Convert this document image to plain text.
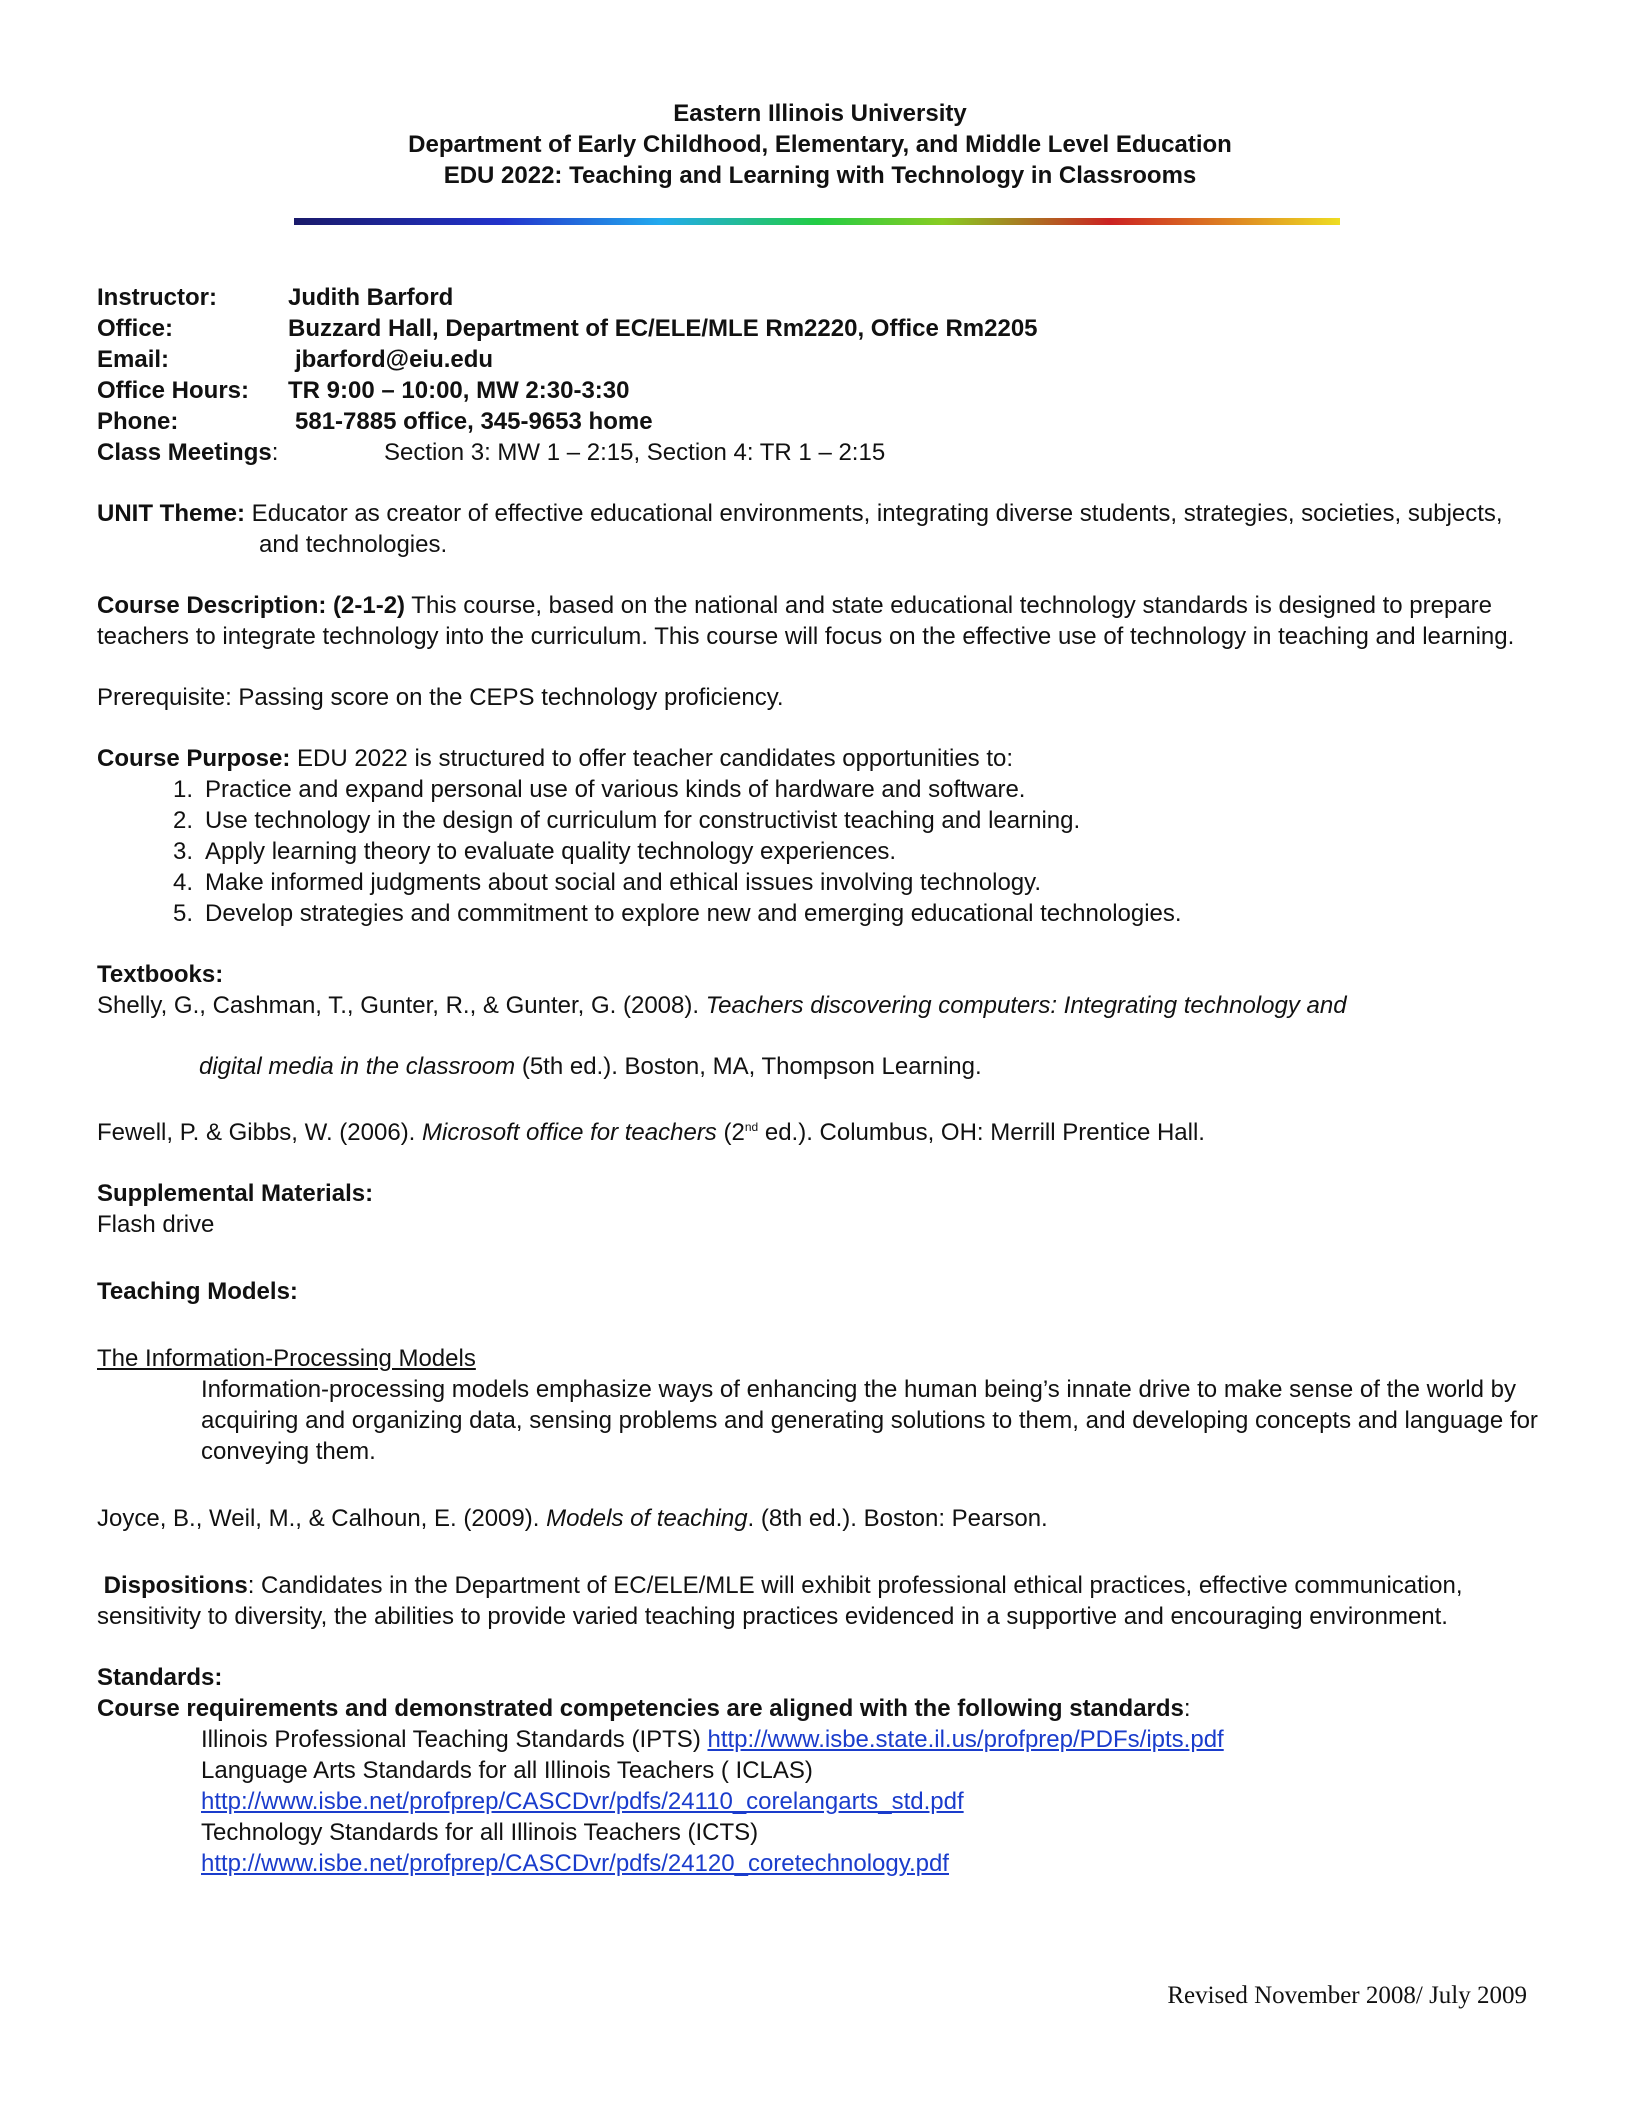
Eastern Illinois University
Department of Early Childhood, Elementary, and Middle Level Education
EDU 2022: Teaching and Learning with Technology in Classrooms
Instructor:	Judith Barford
Office:	Buzzard Hall, Department of EC/ELE/MLE Rm2220, Office Rm2205
Email:	jbarford@eiu.edu
Office Hours:	TR 9:00 – 10:00, MW 2:30-3:30
Phone:	581-7885 office, 345-9653 home
Class Meetings:	Section 3: MW 1 – 2:15, Section 4: TR 1 – 2:15

UNIT Theme: Educator as creator of effective educational environments, integrating diverse students, strategies, societies, subjects,

and technologies.

Course Description: (2-1-2) This course, based on the national and state educational technology standards is designed to prepare teachers to integrate technology into the curriculum. This course will focus on the effective use of technology in teaching and learning.

Prerequisite: Passing score on the CEPS technology proficiency.

Course Purpose: EDU 2022 is structured to offer teacher candidates opportunities to:

1. Practice and expand personal use of various kinds of hardware and software.
2. Use technology in the design of curriculum for constructivist teaching and learning.
3. Apply learning theory to evaluate quality technology experiences.
4. Make informed judgments about social and ethical issues involving technology.
5. Develop strategies and commitment to explore new and emerging educational technologies.

Textbooks:

Shelly, G., Cashman, T., Gunter, R., & Gunter, G. (2008). Teachers discovering computers: Integrating technology and

digital media in the classroom (5th ed.). Boston, MA, Thompson Learning.

Fewell, P. & Gibbs, W. (2006). Microsoft office for teachers (2nd ed.). Columbus, OH: Merrill Prentice Hall.

Supplemental Materials:

Flash drive

Teaching Models:

The Information-Processing Models

Information-processing models emphasize ways of enhancing the human being’s innate drive to make sense of the world by acquiring and organizing data, sensing problems and generating solutions to them, and developing concepts and language for conveying them.

Joyce, B., Weil, M., & Calhoun, E. (2009). Models of teaching. (8th ed.). Boston: Pearson.

Dispositions: Candidates in the Department of EC/ELE/MLE will exhibit professional ethical practices, effective communication, sensitivity to diversity, the abilities to provide varied teaching practices evidenced in a supportive and encouraging environment.

Standards:

Course requirements and demonstrated competencies are aligned with the following standards:

Illinois Professional Teaching Standards (IPTS) http://www.isbe.state.il.us/profprep/PDFs/ipts.pdf
Language Arts Standards for all Illinois Teachers ( ICLAS)
http://www.isbe.net/profprep/CASCDvr/pdfs/24110_corelangarts_std.pdf
Technology Standards for all Illinois Teachers (ICTS)
http://www.isbe.net/profprep/CASCDvr/pdfs/24120_coretechnology.pdf
Revised November 2008/ July 2009
